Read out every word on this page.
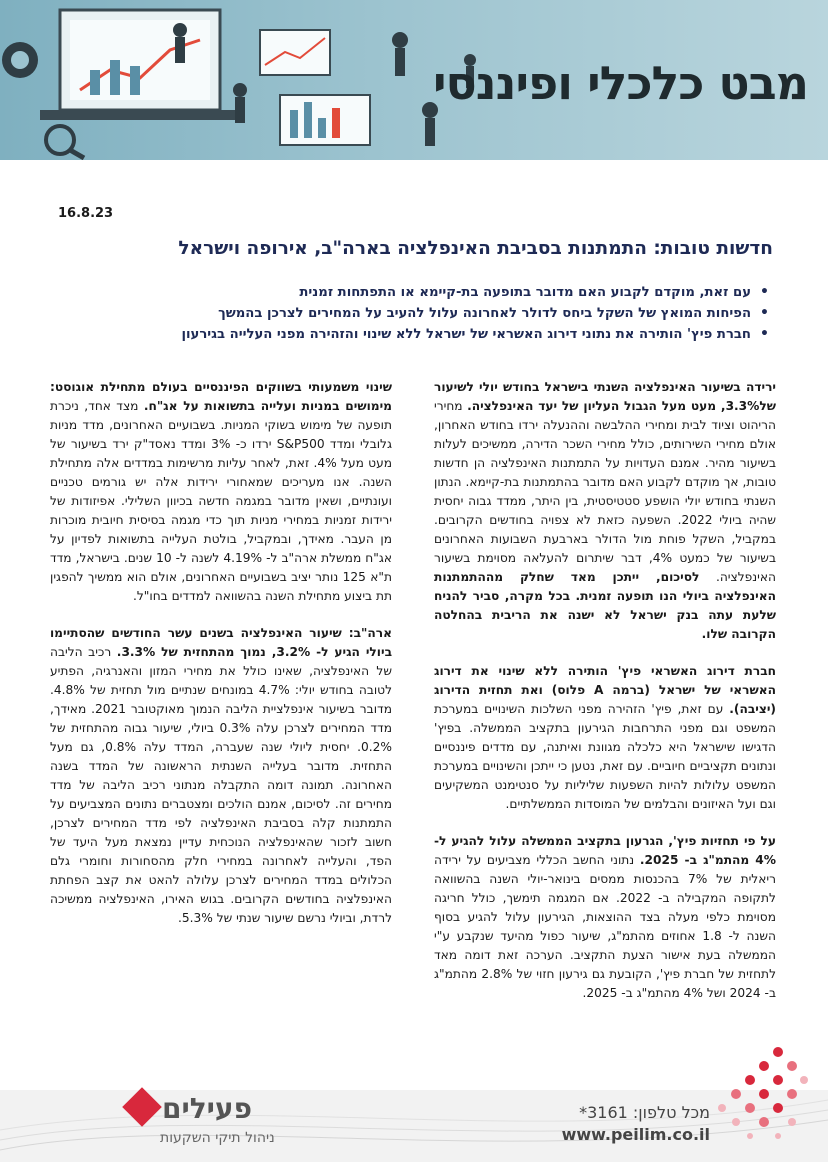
מבט כלכלי ופיננסי
16.8.23
חדשות טובות: התמתנות בסביבת האינפלציה בארה"ב, אירופה וישראל
• עם זאת, מוקדם לקבוע האם מדובר בתופעה בת-קיימא או התפתחות זמנית
• הפיחות המואץ של השקל ביחס לדולר לאחרונה עלול להעיב על המחירים לצרכן בהמשך
• חברת פיץ' הותירה את נתוני דירוג האשראי של ישראל ללא שינוי והזהירה מפני העלייה בגירעון

ירידה בשיעור האינפלציה השנתי בישראל בחודש יולי לשיעור של3.3%, מעט מעל הגבול העליון של יעד האינפלציה. מחירי הריהוט וציוד לבית ומחירי ההלבשה וההנעלה ירדו בחודש האחרון, אולם מחירי השירותים, כולל מחירי השכר הדירה, ממשיכים לעלות בשיעור מהיר. אמנם העדויות על התמתנות האינפלציה הן חדשות טובות, אך מוקדם לקבוע האם מדובר בהתמתנות בת-קיימא. הנתון השנתי בחודש יולי הושפע סטטיסטית, בין היתר, ממדד גבוה יחסית שהיה ביולי 2022. השפעה כזאת לא צפויה בחודשים הקרובים. במקביל, השקל פוחת מול הדולר בארבעת השבועות האחרונים בשיעור של כמעט 4%, דבר שיתרום להעלאה מסוימת בשיעור האינפלציה. לסיכום, ייתכן מאד שחלק מההתמתנות האינפלציה ביולי הנו תופעה זמנית. בכל מקרה, סביר להניח שלעת עתה בנק ישראל לא ישנה את הריבית בהחלטה הקרובה שלו.

חברת דירוג האשראי פיץ' הותירה ללא שינוי את דירוג האשראי של ישראל (ברמה A פלוס) ואת תחזית הדירוג (יציבה). עם זאת, פיץ' הזהירה מפני השלכות השינויים במערכת המשפט וגם מפני התרחבות הגירעון בתקציב הממשלה. בפיץ' הדגישו שישראל היא כלכלה מגוונת ואיתנה, עם מדדים פיננסיים ונתונים תקציביים חיוביים. עם זאת, נטען כי ייתכן והשינויים במערכת המשפט עלולות להיות השפעות שליליות על סנטימנט המשקיעים וגם ועל האיזונים והבלמים של המוסדות הממשלתיים.

על פי תחזיות פיץ', הגרעון בתקציב הממשלה עלול להגיע ל- 4% מהתמ"ג ב- 2025. נתוני החשב הכללי מצביעים על ירידה ריאלית של 7% בהכנסות ממסים בינואר-יולי השנה בהשוואה לתקופה המקבילה ב- 2022. אם המגמה תימשך, כולל חריגה מסוימת כלפי מעלה בצד ההוצאות, הגירעון עלול להגיע בסוף השנה ל- 1.8 אחוזים מהתמ"ג, שיעור כפול מהיעד שנקבע ע"י הממשלה בעת אישור הצעת התקציב. הערכה זאת דומה מאד לתחזית של חברת פיץ', הקובעת גם גירעון חזוי של 2.8% מהתמ"ג ב- 2024 ושל 4% מהתמ"ג ב- 2025.

שינוי משמעותי בשווקים הפיננסיים בעולם מתחילת אוגוסט: מימושים במניות ועלייה בתשואות על אג"ח. מצד אחד, ניכרת תופעה של מימוש בשוקי המניות. בשבועיים האחרונים, מדד מניות גלובלי ומדד S&P500 ירדו כ- 3% ומדד נאסד"ק ירד בשיעור של מעט מעל 4%. זאת, לאחר עליות מרשימות במדדים אלה מתחילת השנה. אנו מעריכים שמאחורי ירידות אלה יש גורמים טכניים ועונתיים, ושאין מדובר במגמה חדשה בכיוון השלילי. אפיזודות של ירידות זמניות במחירי מניות תוך כדי מגמה בסיסית חיובית מוכרות מן העבר. מאידך, ובמקביל, בולטת העלייה בתשואות לפדיון על אג"ח ממשלת ארה"ב ל- 4.19% לשנה ל- 10 שנים. בישראל, מדד ת"א 125 נותר יציב בשבועיים האחרונים, אולם הוא ממשיך להפגין תת ביצוע מתחילת השנה בהשוואה למדדים בחו"ל.

ארה"ב: שיעור האינפלציה בשנים עשר החודשים שהסתיימו ביולי הגיע ל- 3.2%, נמוך מהתחזית של 3.3%. רכיב הליבה של האינפלציה, שאינו כולל את מחירי המזון והאנרגיה, הפתיע לטובה בחודש יולי: 4.7% במונחים שנתיים מול תחזית של 4.8%. מדובר בשיעור אינפלציית הליבה הנמוך מאוקטובר 2021. מאידך, מדד המחירים לצרכן עלה 0.3% ביולי, שיעור גבוה מהתחזית של 0.2%. יחסית ליולי שנה שעברה, המדד עלה 0.8%, גם מעל התחזית. מדובר בעלייה השנתית הראשונה של המדד בשנה האחרונה. תמונה דומה התקבלה מנתוני רכיב הליבה של מדד מחירים זה. לסיכום, אמנם הולכים ומצטברים נתונים המצביעים על התמתנות קלה בסביבת האינפלציה לפי מדד המחירים לצרכן, חשוב לזכור שהאינפלציה הנוכחית עדיין נמצאת מעל היעד של הפד, והעלייה לאחרונה במחירי חלק מהסחורות וחומרי גלם הכלולים במדד המחירים לצרכן עלולה להאט את קצב הפחתת האינפלציה בחודשים הקרובים. בגוש האירו, האינפלציה ממשיכה לרדת, וביולי נרשם שיעור שנתי של 5.3%.

פעילים
ניהול תיקי השקעות
מכל טלפון: 3161*
www.peilim.co.il
